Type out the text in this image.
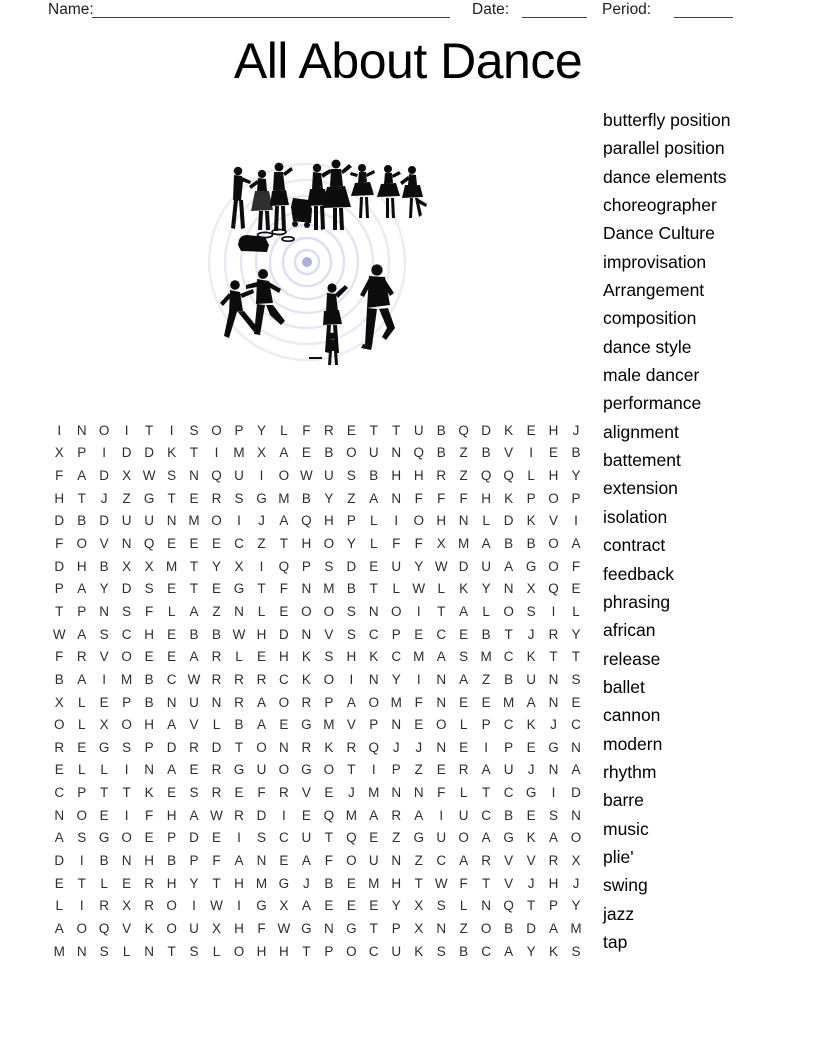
Name:	Date:	Period:
All About Dance
I	N O	I	T	I	S O P Y	L	F R E	T	T U B Q D K E H	J
X P	I	D D K	T	I	M X A E B O U N Q B	Z	B V	I	E B
F	A D X W S N Q U	I	O W U S B H H R Z Q Q L	H Y
H T	J	Z G T	E R S G M B Y	Z	A N F	F	F H K P O P
D B D U U N M O	I	J	A Q H P	L	I	O H N	L	D K V	I
F O V N Q E E E C Z	T H O Y	L	F	F	X M A B B O A
D H B X X M T	Y X	I	Q P S D E U Y W D U A G O F
P A Y D S E	T	E G T	F N M B	T	L W L	K Y N X Q E
T	P N S	F	L	A	Z N	L	E O O S N O	I	T	A	L O S	I	L
W A S C H E B B W H D N V S C P E C E B	T	J	R Y
F R V O E E A R	L	E H K S H K C M A S M C K	T	T
B A	I	M B C W R R R C K O	I	N Y	I	N A	Z	B U N S
X	L	E P B N U N R A O R P A O M F N E E M A N E
O L	X O H A V	L	B A E G M V P N E O L	P C K	J	C
R E G S P D R D T O N R K R Q	J	J	N E	I	P E G N
E	L	L	I	N A E R G U O G O T	I	P	Z	E R A U	J	N A
C P	T	T	K E S R E	F R V E	J M N N F	L	T C G	I	D
N O E	I	F H A W R D	I	E Q M A R A	I	U C B E S N
A S G O E P D E	I	S C U T Q E	Z G U O A G K A O
D	I	B N H B P	F	A N E A	F O U N Z C A R V V R X
E	T	L	E R H Y	T H M G	J	B E M H T W F	T	V	J	H	J
L	I	R X R O	I	W	I	G X A E E E Y X S	L	N Q T	P Y
A O Q V K O U X H F W G N G T	P X N Z O B D A M
M N S	L	N T	S	L O H H T	P O C U K S B C A Y K S
butterfly position
parallel position
dance elements
choreographer
Dance Culture
improvisation
Arrangement
composition
dance style
male dancer
performance
alignment
battement
extension
isolation
contract
feedback
phrasing
african
release
ballet
cannon
modern
rhythm
barre
music
plie'
swing
jazz
tap
